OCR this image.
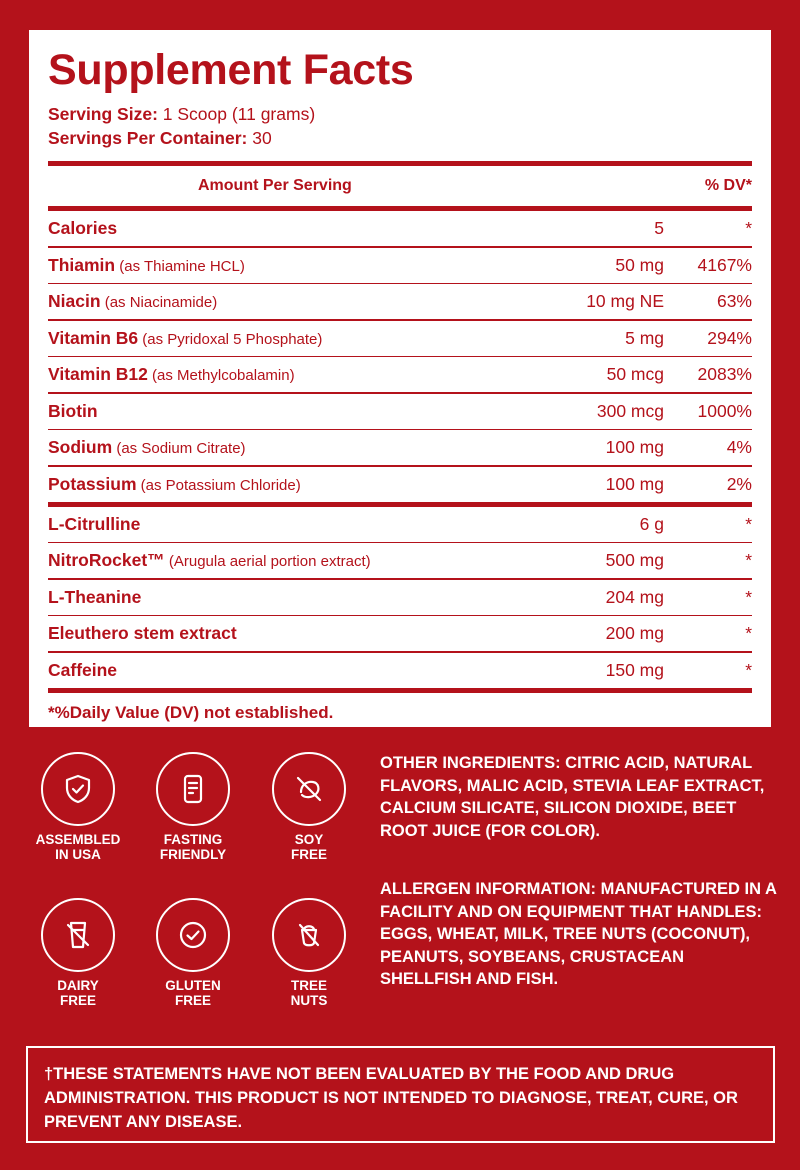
Supplement Facts
Serving Size: 1 Scoop (11 grams)
Servings Per Container: 30
Amount Per Serving	% DV*
Calories	5	*
Thiamin (as Thiamine HCL)	50 mg	4167%
Niacin (as Niacinamide)	10 mg NE	63%
Vitamin B6 (as Pyridoxal 5 Phosphate)	5 mg	294%
Vitamin B12 (as Methylcobalamin)	50 mcg	2083%
Biotin	300 mcg	1000%
Sodium (as Sodium Citrate)	100 mg	4%
Potassium (as Potassium Chloride)	100 mg	2%
L-Citrulline	6 g	*
NitroRocket™ (Arugula aerial portion extract)	500 mg	*
L-Theanine	204 mg	*
Eleuthero stem extract	200 mg	*
Caffeine	150 mg	*
*%Daily Value (DV) not established.
ASSEMBLED
IN USA
FASTING
FRIENDLY
SOY
FREE
DAIRY
FREE
GLUTEN
FREE
TREE
NUTS
OTHER INGREDIENTS: CITRIC ACID, NATURAL FLAVORS, MALIC ACID, STEVIA LEAF EXTRACT, CALCIUM SILICATE, SILICON DIOXIDE, BEET ROOT JUICE (FOR COLOR).
ALLERGEN INFORMATION: MANUFACTURED IN A FACILITY AND ON EQUIPMENT THAT HANDLES: EGGS, WHEAT, MILK, TREE NUTS (COCONUT), PEANUTS, SOYBEANS, CRUSTACEAN SHELLFISH AND FISH.
†THESE STATEMENTS HAVE NOT BEEN EVALUATED BY THE FOOD AND DRUG ADMINISTRATION. THIS PRODUCT IS NOT INTENDED TO DIAGNOSE, TREAT, CURE, OR PREVENT ANY DISEASE.
